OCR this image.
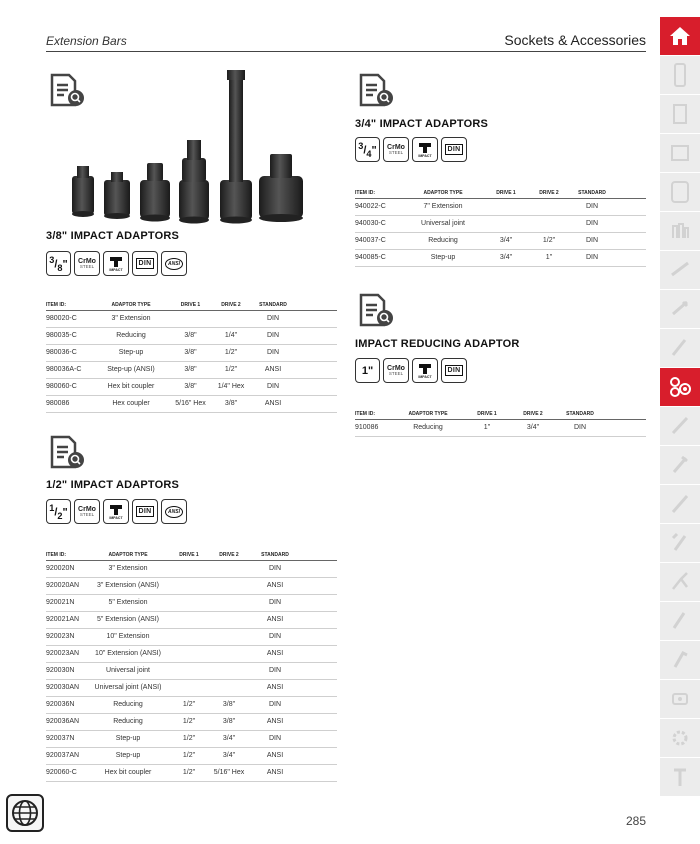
Extension Bars	Sockets & Accessories
3/8" IMPACT ADAPTORS
$^3/_8$" CrMo
STEEL
IMPACT
DIN	ANSI
ITEM ID:	ADAPTOR TYPE	DRIVE 1	DRIVE 2	STANDARD	
980020-C	3" Extension			DIN	
980035-C	Reducing	3/8"	1/4"	DIN	
980036-C	Step-up	3/8"	1/2"	DIN	
980036A-C	Step-up (ANSI)	3/8"	1/2"	ANSI	
980060-C	Hex bit coupler	3/8"	1/4" Hex	DIN	
980086	Hex coupler	5/16" Hex	3/8"	ANSI	
1/2" IMPACT ADAPTORS
$^1/_2$" CrMo
STEEL
IMPACT
DIN	ANSI
ITEM ID:	ADAPTOR TYPE	DRIVE 1	DRIVE 2	STANDARD	
920020N	3" Extension			DIN	
920020AN	3" Extension (ANSI)			ANSI	
920021N	5" Extension			DIN	
920021AN	5" Extension (ANSI)			ANSI	
920023N	10" Extension			DIN	
920023AN	10" Extension (ANSI)			ANSI	
920030N	Universal joint			DIN	
920030AN	Universal joint (ANSI)			ANSI	
920036N	Reducing	1/2"	3/8"	DIN	
920036AN	Reducing	1/2"	3/8"	ANSI	
920037N	Step-up	1/2"	3/4"	DIN	
920037AN	Step-up	1/2"	3/4"	ANSI	
920060-C	Hex bit coupler	1/2"	5/16" Hex	ANSI	
3/4" IMPACT ADAPTORS
$^3/_4$" CrMo
STEEL
IMPACT
DIN
ITEM ID:	ADAPTOR TYPE	DRIVE 1	DRIVE 2	STANDARD	
940022-C	7" Extension			DIN	
940030-C	Universal joint			DIN	
940037-C	Reducing	3/4"	1/2"	DIN	
940085-C	Step-up	3/4"	1"	DIN	
IMPACT REDUCING ADAPTOR
1" CrMo
STEEL
IMPACT
DIN
ITEM ID:	ADAPTOR TYPE	DRIVE 1	DRIVE 2	STANDARD	
910086	Reducing	1"	3/4"	DIN	
285
